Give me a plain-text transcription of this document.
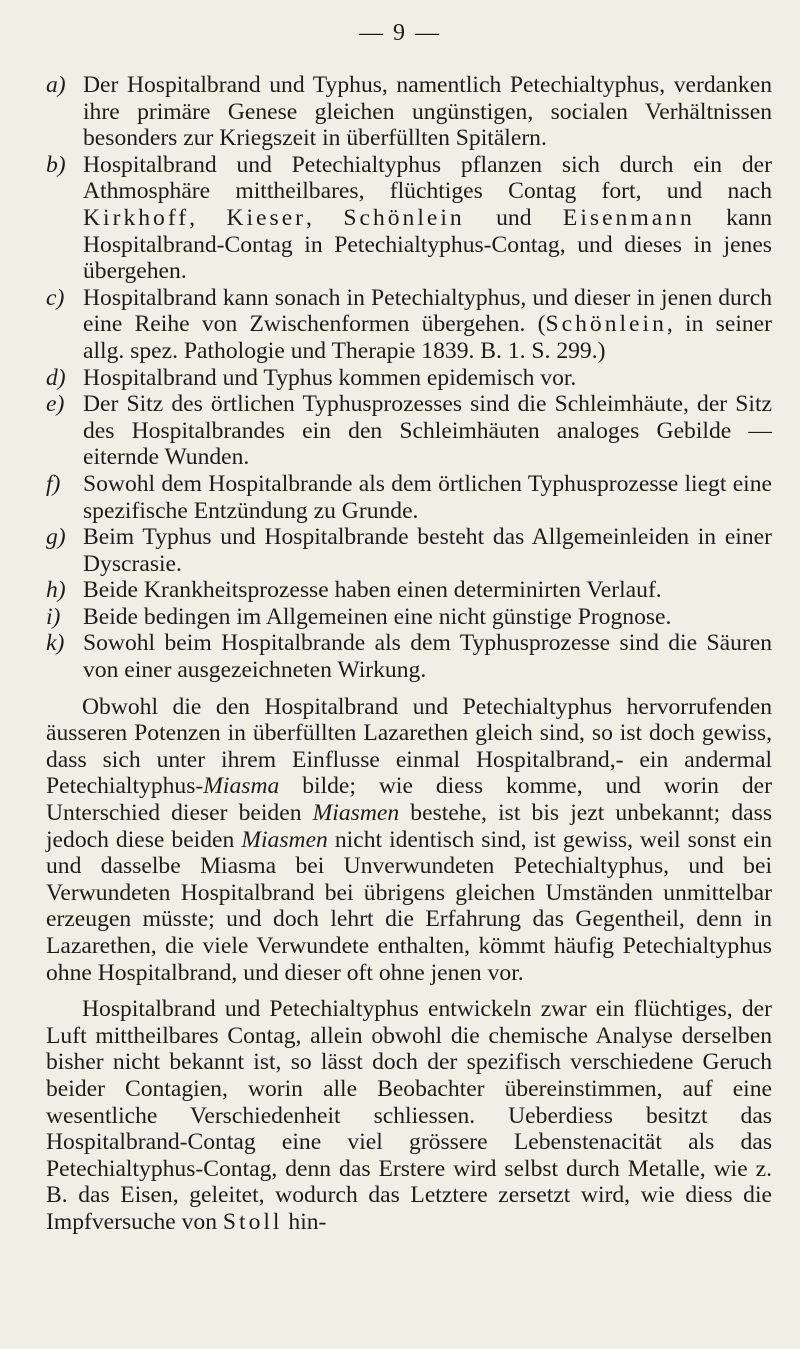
— 9 —
a) Der Hospitalbrand und Typhus, namentlich Petechialtyphus, verdanken ihre primäre Genese gleichen ungünstigen, socialen Verhältnissen besonders zur Kriegszeit in überfüllten Spitälern.
b) Hospitalbrand und Petechialtyphus pflanzen sich durch ein der Athmosphäre mittheilbares, flüchtiges Contag fort, und nach Kirkhoff, Kieser, Schönlein und Eisenmann kann Hospitalbrand-Contag in Petechialtyphus-Contag, und dieses in jenes übergehen.
c) Hospitalbrand kann sonach in Petechialtyphus, und dieser in jenen durch eine Reihe von Zwischenformen übergehen. (Schönlein, in seiner allg. spez. Pathologie und Therapie 1839. B. 1. S. 299.)
d) Hospitalbrand und Typhus kommen epidemisch vor.
e) Der Sitz des örtlichen Typhusprozesses sind die Schleimhäute, der Sitz des Hospitalbrandes ein den Schleimhäuten analoges Gebilde — eiternde Wunden.
f) Sowohl dem Hospitalbrande als dem örtlichen Typhusprozesse liegt eine spezifische Entzündung zu Grunde.
g) Beim Typhus und Hospitalbrande besteht das Allgemeinleiden in einer Dyscrasie.
h) Beide Krankheitsprozesse haben einen determinirten Verlauf.
i) Beide bedingen im Allgemeinen eine nicht günstige Prognose.
k) Sowohl beim Hospitalbrande als dem Typhusprozesse sind die Säuren von einer ausgezeichneten Wirkung.

Obwohl die den Hospitalbrand und Petechialtyphus hervorrufenden äusseren Potenzen in überfüllten Lazarethen gleich sind, so ist doch gewiss, dass sich unter ihrem Einflusse einmal Hospitalbrand,- ein andermal Petechialtyphus-Miasma bilde; wie diess komme, und worin der Unterschied dieser beiden Miasmen bestehe, ist bis jezt unbekannt; dass jedoch diese beiden Miasmen nicht identisch sind, ist gewiss, weil sonst ein und dasselbe Miasma bei Unverwundeten Petechialtyphus, und bei Verwundeten Hospitalbrand bei übrigens gleichen Umständen unmittelbar erzeugen müsste; und doch lehrt die Erfahrung das Gegentheil, denn in Lazarethen, die viele Verwundete enthalten, kömmt häufig Petechialtyphus ohne Hospitalbrand, und dieser oft ohne jenen vor.

Hospitalbrand und Petechialtyphus entwickeln zwar ein flüchtiges, der Luft mittheilbares Contag, allein obwohl die chemische Analyse derselben bisher nicht bekannt ist, so lässt doch der spezifisch verschiedene Geruch beider Contagien, worin alle Beobachter übereinstimmen, auf eine wesentliche Verschiedenheit schliessen. Ueberdiess besitzt das Hospitalbrand-Contag eine viel grössere Lebenstenacität als das Petechialtyphus-Contag, denn das Erstere wird selbst durch Metalle, wie z. B. das Eisen, geleitet, wodurch das Letztere zersetzt wird, wie diess die Impfversuche von Stoll hin-
